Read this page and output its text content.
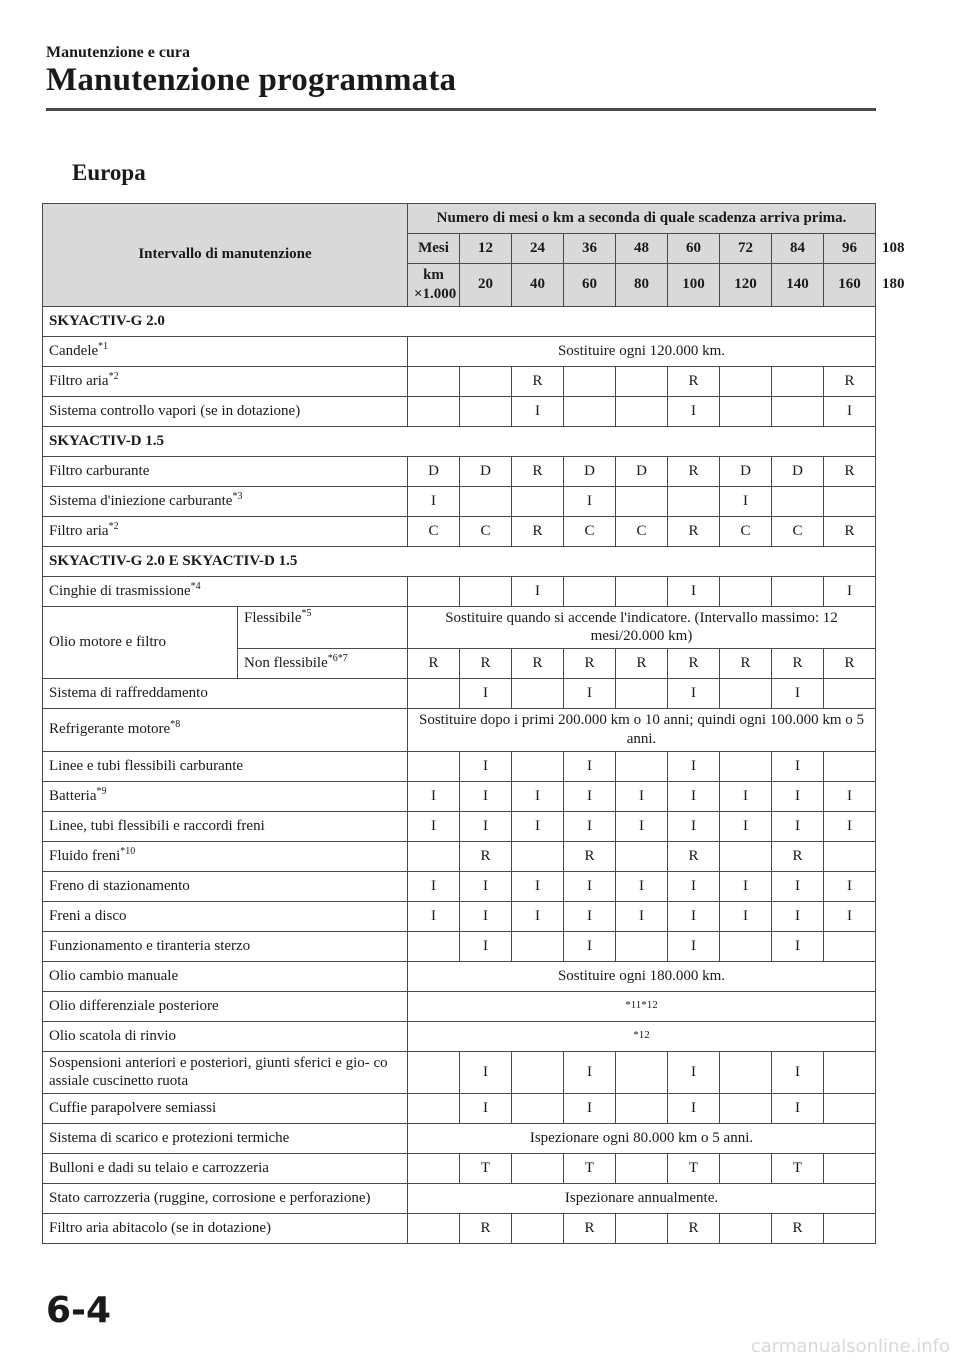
Manutenzione e cura
Manutenzione programmata
Europa
Intervallo di manutenzione		Numero di mesi o km a seconda di quale scadenza arriva prima.									
		Mesi	12	24	36	48	60	72	84	96	108
		km ×1.000	20	40	60	80	100	120	140	160	180
SKYACTIV-G 2.0											
Candele$^{*1}$		Sostituire ogni 120.000 km.									
Filtro aria$^{*2}$				R			R			R	
Sistema controllo vapori (se in dotazione)				I			I			I	
SKYACTIV-D 1.5											
Filtro carburante		D	D	R	D	D	R	D	D	R	
Sistema d'iniezione carburante$^{*3}$		I			I			I			
Filtro aria$^{*2}$		C	C	R	C	C	R	C	C	R	
SKYACTIV-G 2.0 E SKYACTIV-D 1.5											
Cinghie di trasmissione$^{*4}$				I			I			I	
Olio motore e filtro	Flessibile$^{*5}$	Sostituire quando si accende l'indicatore. (Intervallo massimo: 12 mesi/20.000 km)									
	Non flessibile$^{*6*7}$	R	R	R	R	R	R	R	R	R	
Sistema di raffreddamento			I		I		I		I		
Refrigerante motore$^{*8}$		Sostituire dopo i primi 200.000 km o 10 anni; quindi ogni 100.000 km o 5 anni.									
Linee e tubi flessibili carburante			I		I		I		I		
Batteria$^{*9}$		I	I	I	I	I	I	I	I	I	
Linee, tubi flessibili e raccordi freni		I	I	I	I	I	I	I	I	I	
Fluido freni$^{*10}$			R		R		R		R		
Freno di stazionamento		I	I	I	I	I	I	I	I	I	
Freni a disco		I	I	I	I	I	I	I	I	I	
Funzionamento e tiranteria sterzo			I		I		I		I		
Olio cambio manuale		Sostituire ogni 180.000 km.									
Olio differenziale posteriore		*11*12									
Olio scatola di rinvio		*12									
Sospensioni anteriori e posteriori, giunti sferici e gio- co assiale cuscinetto ruota			I		I		I		I		
Cuffie parapolvere semiassi			I		I		I		I		
Sistema di scarico e protezioni termiche		Ispezionare ogni 80.000 km o 5 anni.									
Bulloni e dadi su telaio e carrozzeria			T		T		T		T		
Stato carrozzeria (ruggine, corrosione e perforazione)		Ispezionare annualmente.									
Filtro aria abitacolo (se in dotazione)			R		R		R		R		
6-4
carmanualsonline.info
